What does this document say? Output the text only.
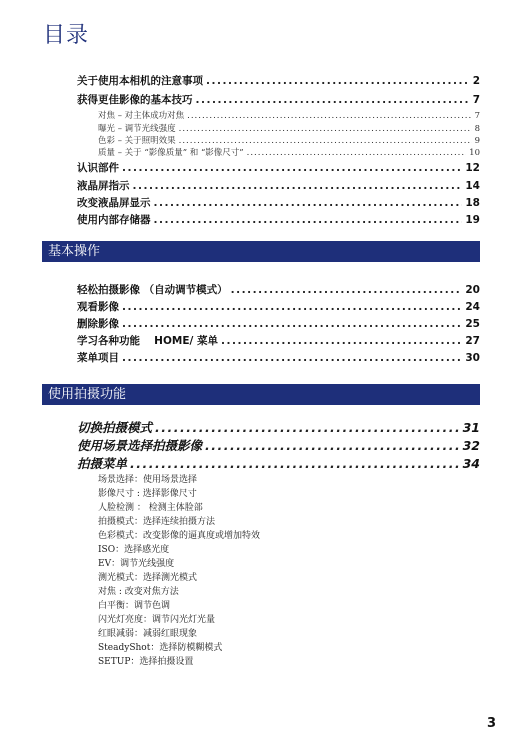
目录
关于使用本相机的注意事项 .....	2
获得更佳影像的基本技巧 .....	7
对焦 – 对主体成功对焦 .....	7
曝光 – 调节光线强度 .....	8
色彩 – 关于照明效果 .....	9
质量 – 关于 “影像质量” 和 “影像尺寸” .....	10
认识部件 .....	12
液晶屏指示 .....	14
改变液晶屏显示 .....	18
使用内部存储器 .....	19
基本操作
轻松拍摄影像 （自动调节模式） .....	20
观看影像 .....	24
删除影像 .....	25
学习各种功能　 HOME/ 菜单 .....	27
菜单项目 .....	30
使用拍摄功能
切换拍摄模式 .....	31
使用场景选择拍摄影像 .....	32
拍摄菜单 .....	34
场景选择：使用场景选择
影像尺寸 : 选择影像尺寸
人脸检测 ： 检测主体脸部
拍摄模式：选择连续拍摄方法
色彩模式：改变影像的逼真度或增加特效
ISO：选择感光度
EV：调节光线强度
测光模式：选择测光模式
对焦 : 改变对焦方法
白平衡：调节色调
闪光灯亮度：调节闪光灯光量
红眼减弱：减弱红眼现象
SteadyShot：选择防模糊模式
SETUP：选择拍摄设置
3
